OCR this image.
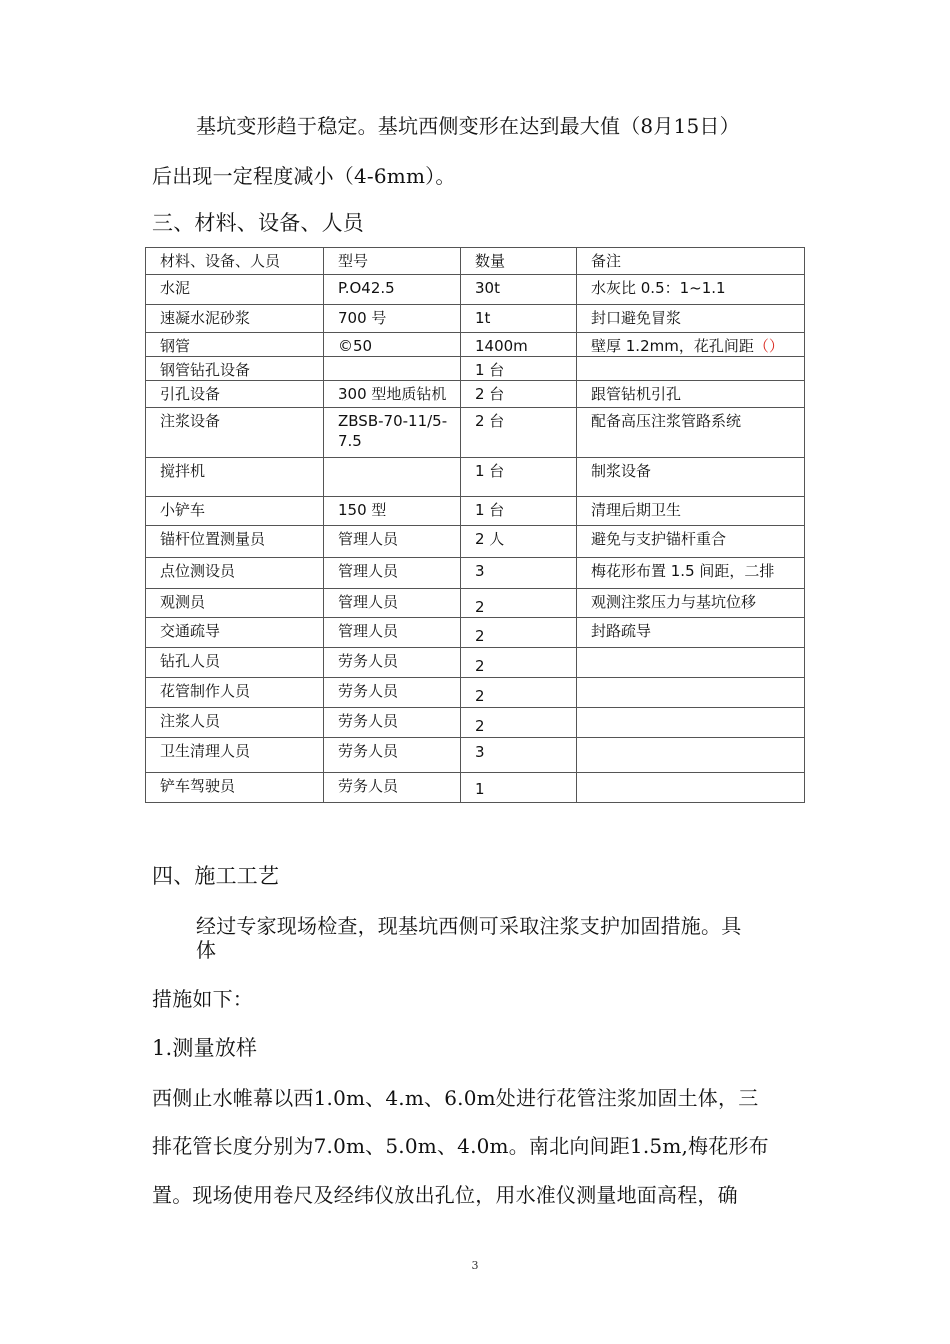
基坑变形趋于稳定。基坑西侧变形在达到最大值（8月15日）
后出现一定程度减小（4-6mm）。
三、材料、设备、人员
材料、设备、人员	型号	数量	备注
水泥	P.O42.5	30t	水灰比 0.5：1~1.1
速凝水泥砂浆	700 号	1t	封口避免冒浆
钢管	©50	1400m	壁厚 1.2mm，花孔间距（）
钢管钻孔设备		1 台	
引孔设备	300 型地质钻机	2 台	跟管钻机引孔
注浆设备	ZBSB-70-11/5-7.5	2 台	配备高压注浆管路系统
搅拌机		1 台	制浆设备
小铲车	150 型	1 台	清理后期卫生
锚杆位置测量员	管理人员	2 人	避免与支护锚杆重合
点位测设员	管理人员	3	梅花形布置 1.5 间距，二排
观测员	管理人员	2	观测注浆压力与基坑位移
交通疏导	管理人员	2	封路疏导
钻孔人员	劳务人员	2	
花管制作人员	劳务人员	2	
注浆人员	劳务人员	2	
卫生清理人员	劳务人员	3	
铲车驾驶员	劳务人员	1	
四、施工工艺
经过专家现场检查，现基坑西侧可采取注浆支护加固措施。具
体
措施如下：
1.测量放样
西侧止水帷幕以西1.0m、4.m、6.0m处进行花管注浆加固土体，三
排花管长度分别为7.0m、5.0m、4.0m。南北向间距1.5m,梅花形布
置。现场使用卷尺及经纬仪放出孔位，用水准仪测量地面高程，确
3
